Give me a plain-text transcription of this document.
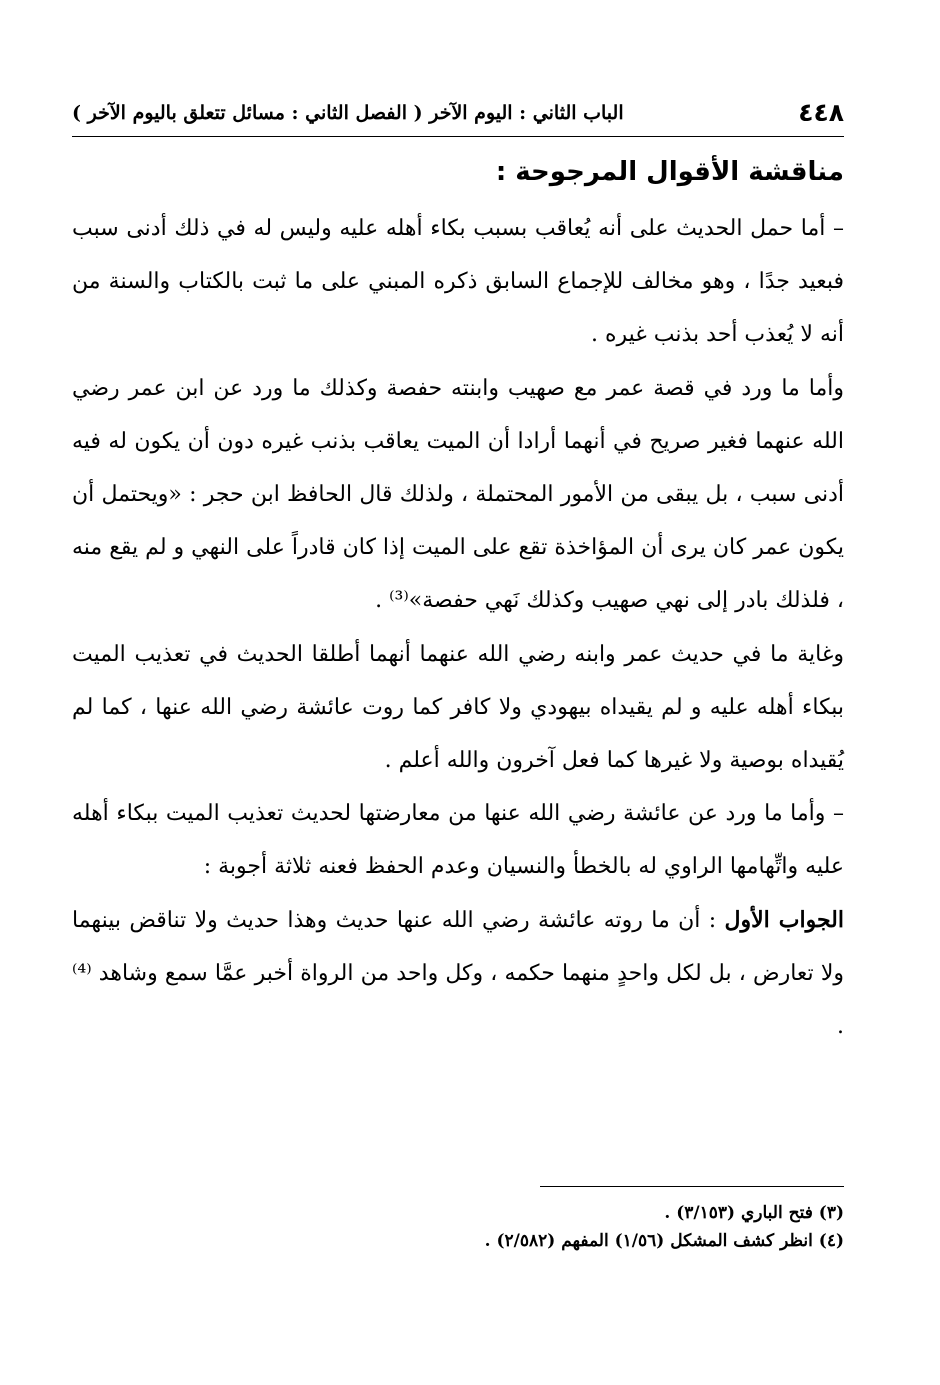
٤٤٨
الباب الثاني : اليوم الآخر ( الفصل الثاني : مسائل تتعلق باليوم الآخر )
مناقشة الأقوال المرجوحة :

– أما حمل الحديث على أنه يُعاقب بسبب بكاء أهله عليه وليس له في ذلك أدنى سبب فبعيد جدًا ، وهو مخالف للإجماع السابق ذكره المبني على ما ثبت بالكتاب والسنة من أنه لا يُعذب أحد بذنب غيره .

وأما ما ورد في قصة عمر مع صهيب وابنته حفصة وكذلك ما ورد عن ابن عمر رضي الله عنهما فغير صريح في أنهما أرادا أن الميت يعاقب بذنب غيره دون أن يكون له فيه أدنى سبب ، بل يبقى من الأمور المحتملة ، ولذلك قال الحافظ ابن حجر : «ويحتمل أن يكون عمر كان يرى أن المؤاخذة تقع على الميت إذا كان قادراً على النهي و لم يقع منه ، فلذلك بادر إلى نهي صهيب وكذلك نَهي حفصة»⁽³⁾ .

وغاية ما في حديث عمر وابنه رضي الله عنهما أنهما أطلقا الحديث في تعذيب الميت ببكاء أهله عليه و لم يقيداه بيهودي ولا كافر كما روت عائشة رضي الله عنها ، كما لم يُقيداه بوصية ولا غيرها كما فعل آخرون والله أعلم .

– وأما ما ورد عن عائشة رضي الله عنها من معارضتها لحديث تعذيب الميت ببكاء أهله عليه واتِّهامها الراوي له بالخطأ والنسيان وعدم الحفظ فعنه ثلاثة أجوبة :

الجواب الأول : أن ما روته عائشة رضي الله عنها حديث وهذا حديث ولا تناقض بينهما ولا تعارض ، بل لكل واحدٍ منهما حكمه ، وكل واحد من الرواة أخبر عمَّا سمع وشاهد ⁽⁴⁾ .

(٣) فتح الباري (٣/١٥٣) .
(٤) انظر كشف المشكل (١/٥٦) المفهم (٢/٥٨٢) .
